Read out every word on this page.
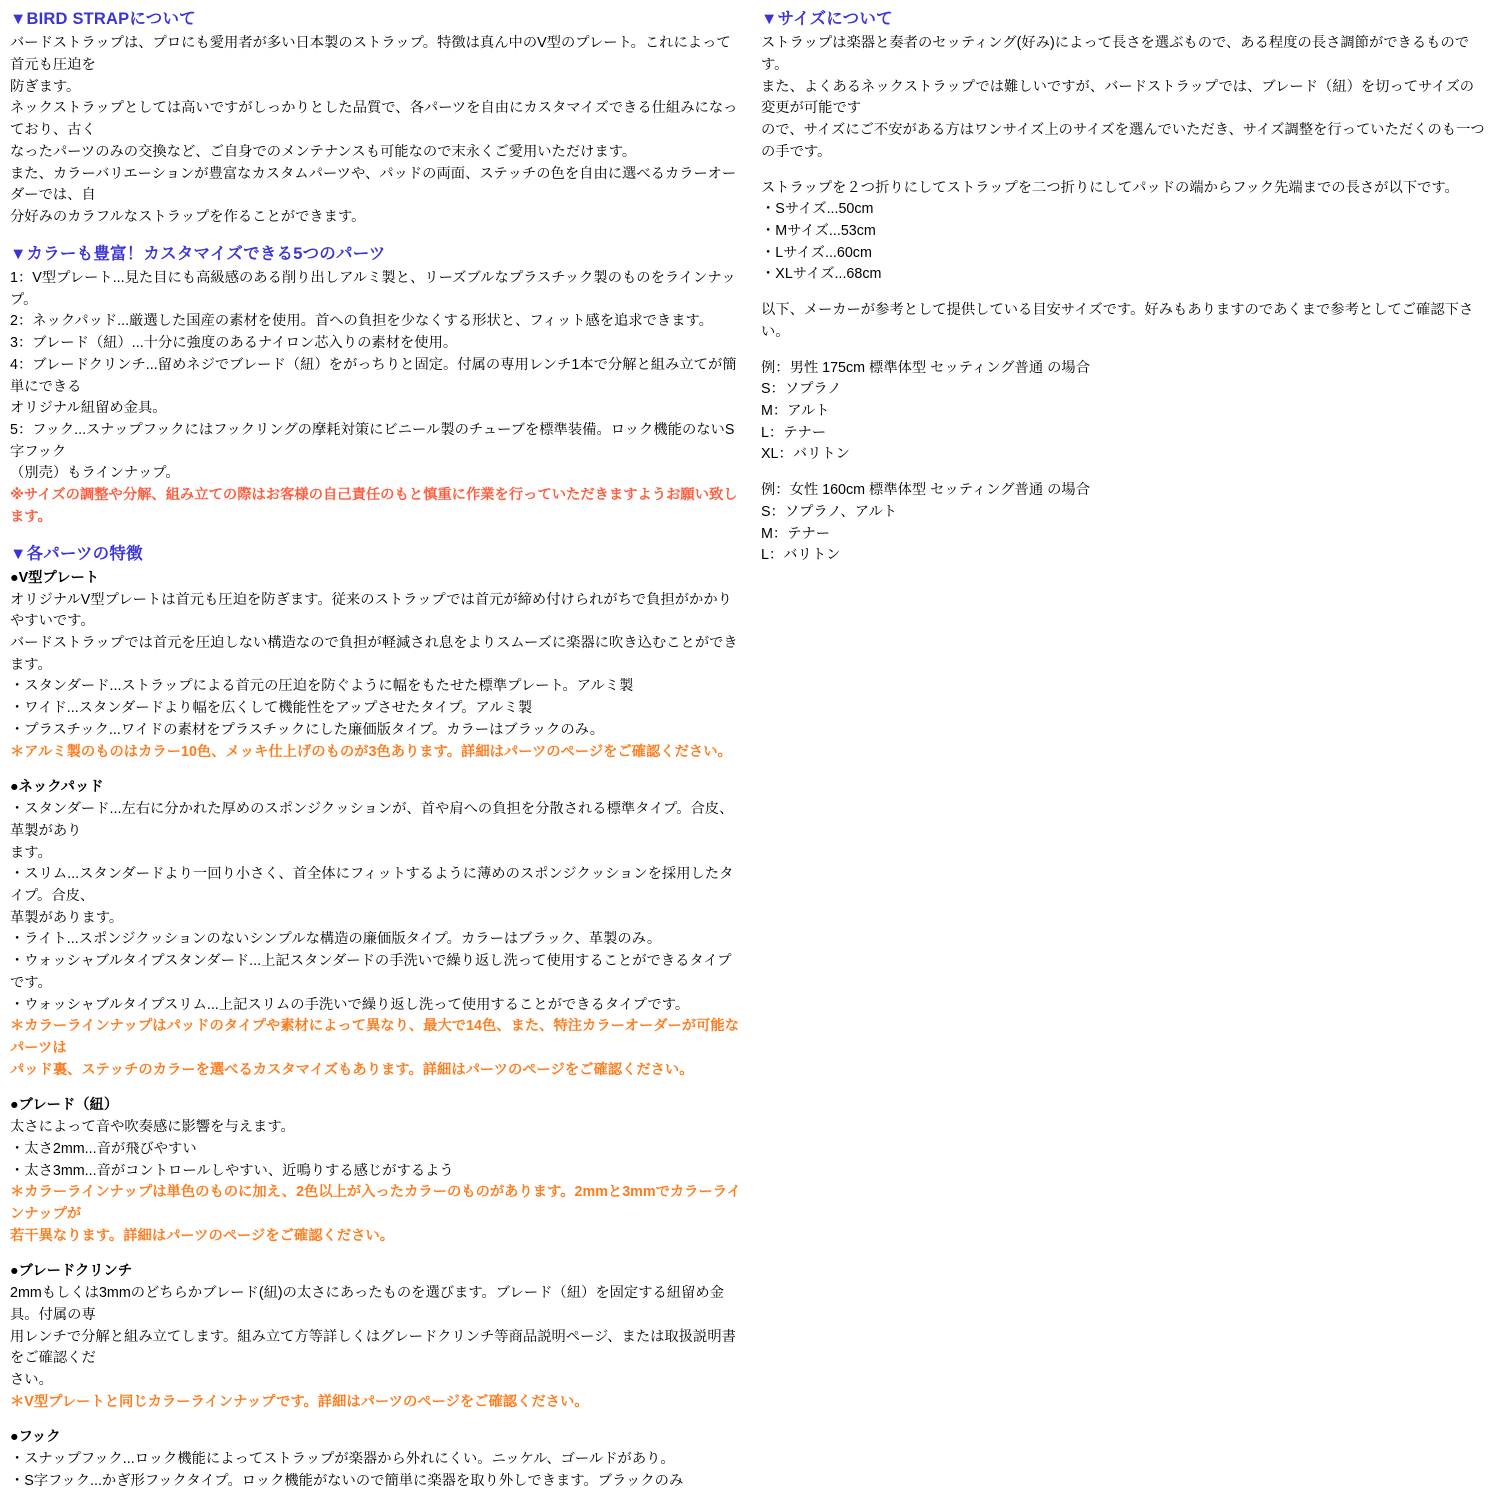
▼BIRD STRAPについて

バードストラップは、プロにも愛用者が多い日本製のストラップ。特徴は真ん中のV型のプレート。これによって首元も圧迫を

防ぎます。

ネックストラップとしては高いですがしっかりとした品質で、各パーツを自由にカスタマイズできる仕組みになっており、古く

なったパーツのみの交換など、ご自身でのメンテナンスも可能なので末永くご愛用いただけます。

また、カラーバリエーションが豊富なカスタムパーツや、パッドの両面、ステッチの色を自由に選べるカラーオーダーでは、自

分好みのカラフルなストラップを作ることができます。

▼カラーも豊富！カスタマイズできる5つのパーツ

1：V型プレート...見た目にも高級感のある削り出しアルミ製と、リーズブルなプラスチック製のものをラインナップ。

2：ネックパッド...厳選した国産の素材を使用。首への負担を少なくする形状と、フィット感を追求できます。

3：ブレード（紐）...十分に強度のあるナイロン芯入りの素材を使用。

4：ブレードクリンチ...留めネジでブレード（紐）をがっちりと固定。付属の専用レンチ1本で分解と組み立てが簡単にできる

オリジナル紐留め金具。

5：フック...スナップフックにはフックリングの摩耗対策にビニール製のチューブを標準装備。ロック機能のないS字フック

（別売）もラインナップ。

※サイズの調整や分解、組み立ての際はお客様の自己責任のもと慎重に作業を行っていただきますようお願い致します。

▼各パーツの特徴

●V型プレート

オリジナルV型プレートは首元も圧迫を防ぎます。従来のストラップでは首元が締め付けられがちで負担がかかりやすいです。

バードストラップでは首元を圧迫しない構造なので負担が軽減され息をよりスムーズに楽器に吹き込むことができます。

・スタンダード...ストラップによる首元の圧迫を防ぐように幅をもたせた標準プレート。アルミ製

・ワイド...スタンダードより幅を広くして機能性をアップさせたタイプ。アルミ製

・プラスチック...ワイドの素材をプラスチックにした廉価版タイプ。カラーはブラックのみ。

＊アルミ製のものはカラー10色、メッキ仕上げのものが3色あります。詳細はパーツのページをご確認ください。

●ネックパッド

・スタンダード...左右に分かれた厚めのスポンジクッションが、首や肩への負担を分散される標準タイプ。合皮、革製があり

ます。

・スリム...スタンダードより一回り小さく、首全体にフィットするように薄めのスポンジクッションを採用したタイプ。合皮、

革製があります。

・ライト...スポンジクッションのないシンプルな構造の廉価版タイプ。カラーはブラック、革製のみ。

・ウォッシャブルタイプスタンダード...上記スタンダードの手洗いで繰り返し洗って使用することができるタイプです。

・ウォッシャブルタイプスリム...上記スリムの手洗いで繰り返し洗って使用することができるタイプです。

＊カラーラインナップはパッドのタイプや素材によって異なり、最大で14色、また、特注カラーオーダーが可能なパーツは

パッド裏、ステッチのカラーを選べるカスタマイズもあります。詳細はパーツのページをご確認ください。

●ブレード（紐）

太さによって音や吹奏感に影響を与えます。

・太さ2mm...音が飛びやすい

・太さ3mm...音がコントロールしやすい、近鳴りする感じがするよう

＊カラーラインナップは単色のものに加え、2色以上が入ったカラーのものがあります。2mmと3mmでカラーラインナップが

若干異なります。詳細はパーツのページをご確認ください。

●ブレードクリンチ

2mmもしくは3mmのどちらかブレード(紐)の太さにあったものを選びます。ブレード（紐）を固定する紐留め金具。付属の専

用レンチで分解と組み立てします。組み立て方等詳しくはグレードクリンチ等商品説明ページ、または取扱説明書をご確認くだ

さい。

＊V型プレートと同じカラーラインナップです。詳細はパーツのページをご確認ください。

●フック

・スナップフック...ロック機能によってストラップが楽器から外れにくい。ニッケル、ゴールドがあり。

・S字フック...かぎ形フックタイプ。ロック機能がないので簡単に楽器を取り外しできます。ブラックのみ

▼サイズについて

ストラップは楽器と奏者のセッティング(好み)によって長さを選ぶもので、ある程度の長さ調節ができるものです。

また、よくあるネックストラップでは難しいですが、バードストラップでは、ブレード（紐）を切ってサイズの変更が可能です

ので、サイズにご不安がある方はワンサイズ上のサイズを選んでいただき、サイズ調整を行っていただくのも一つの手です。

ストラップを２つ折りにしてストラップを二つ折りにしてパッドの端からフック先端までの長さが以下です。

・Sサイズ...50cm

・Mサイズ...53cm

・Lサイズ...60cm

・XLサイズ...68cm

以下、メーカーが参考として提供している目安サイズです。好みもありますのであくまで参考としてご確認下さい。

例：男性 175cm 標準体型 セッティング普通 の場合

S：ソプラノ

M：アルト

L：テナー

XL：バリトン

例：女性 160cm 標準体型 セッティング普通 の場合

S：ソプラノ、アルト

M：テナー

L：バリトン
